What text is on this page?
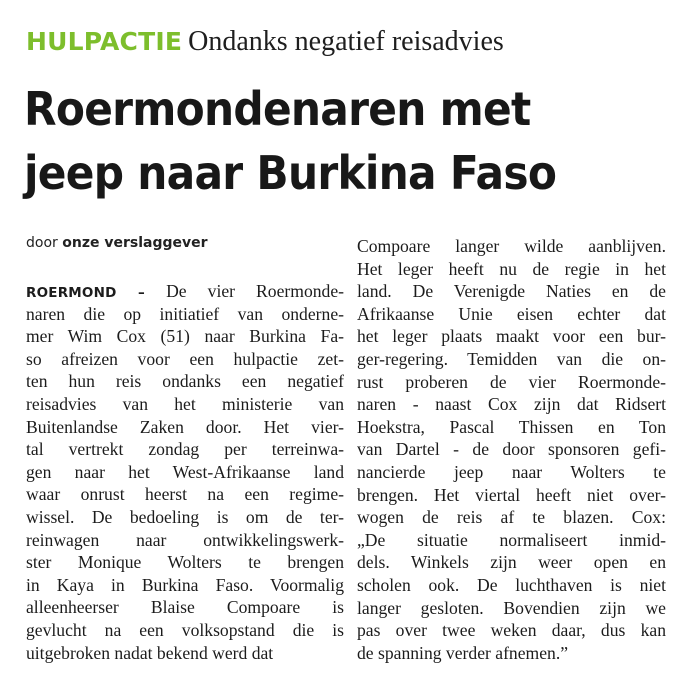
HULPACTIE Ondanks negatief reisadvies
Roermondenaren met
jeep naar Burkina Faso
door onze verslaggever
ROERMOND – De vier Roermonde-
naren die op initiatief van onderne-
mer Wim Cox (51) naar Burkina Fa-
so afreizen voor een hulpactie zet-
ten hun reis ondanks een negatief
reisadvies van het ministerie van
Buitenlandse Zaken door. Het vier-
tal vertrekt zondag per terreinwa-
gen naar het West-Afrikaanse land
waar onrust heerst na een regime-
wissel. De bedoeling is om de ter-
reinwagen naar ontwikkelingswerk-
ster Monique Wolters te brengen
in Kaya in Burkina Faso. Voormalig
alleenheerser Blaise Compoare is
gevlucht na een volksopstand die is
uitgebroken nadat bekend werd dat
Compoare langer wilde aanblijven.
Het leger heeft nu de regie in het
land. De Verenigde Naties en de
Afrikaanse Unie eisen echter dat
het leger plaats maakt voor een bur-
ger-regering. Temidden van die on-
rust proberen de vier Roermonde-
naren - naast Cox zijn dat Ridsert
Hoekstra, Pascal Thissen en Ton
van Dartel - de door sponsoren gefi-
nancierde jeep naar Wolters te
brengen. Het viertal heeft niet over-
wogen de reis af te blazen. Cox:
„De situatie normaliseert inmid-
dels. Winkels zijn weer open en
scholen ook. De luchthaven is niet
langer gesloten. Bovendien zijn we
pas over twee weken daar, dus kan
de spanning verder afnemen.”
